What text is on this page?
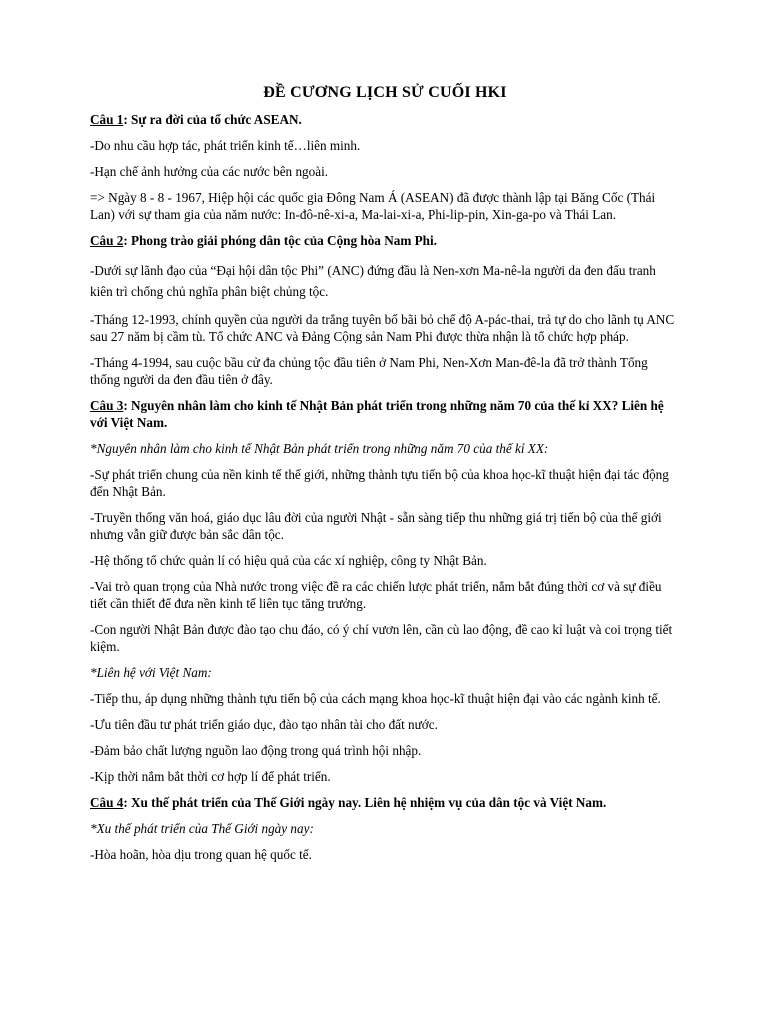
ĐỀ CƯƠNG LỊCH SỬ CUỐI HKI
Câu 1: Sự ra đời của tổ chức ASEAN.
-Do nhu cầu hợp tác, phát triển kinh tế…liên minh.
-Hạn chế ảnh hưởng của các nước bên ngoài.
=> Ngày 8 - 8 - 1967, Hiệp hội các quốc gia Đông Nam Á (ASEAN) đã được thành lập tại Băng Cốc (Thái Lan) với sự tham gia của năm nước: In-đô-nê-xi-a, Ma-lai-xi-a, Phi-lip-pin, Xin-ga-po và Thái Lan.
Câu 2: Phong trào giải phóng dân tộc của Cộng hòa Nam Phi.
-Dưới sự lãnh đạo của “Đại hội dân tộc Phi” (ANC) đứng đầu là Nen-xơn Ma-nê-la người da đen đấu tranh kiên trì chống chủ nghĩa phân biệt chủng tộc.
-Tháng 12-1993, chính quyền của người da trắng tuyên bố bãi bỏ chế độ A-pác-thai, trả tự do cho lãnh tụ ANC sau 27 năm bị cầm tù. Tổ chức ANC và Đảng Cộng sản Nam Phi được thừa nhận là tổ chức hợp pháp.
-Tháng 4-1994, sau cuộc bầu cử đa chủng tộc đầu tiên ở Nam Phi, Nen-Xơn Man-đê-la đã trở thành Tổng thống người da đen đầu tiên ở đây.
Câu 3: Nguyên nhân làm cho kinh tế Nhật Bản phát triển trong những năm 70 của thế kỉ XX? Liên hệ với Việt Nam.
*Nguyên nhân làm cho kinh tế Nhật Bản phát triển trong những năm 70 của thế kỉ XX:
-Sự phát triển chung của nền kinh tế thế giới, những thành tựu tiến bộ của khoa học-kĩ thuật hiện đại tác động đến Nhật Bản.
-Truyền thống văn hoá, giáo dục lâu đời của người Nhật - sẵn sàng tiếp thu những giá trị tiến bộ của thế giới nhưng vẫn giữ được bản sắc dân tộc.
-Hệ thống tổ chức quản lí có hiệu quả của các xí nghiệp, công ty Nhật Bản.
-Vai trò quan trọng của Nhà nước trong việc đề ra các chiến lược phát triển, nắm bắt đúng thời cơ và sự điều tiết cần thiết để đưa nền kinh tế liên tục tăng trưởng.
-Con người Nhật Bản được đào tạo chu đáo, có ý chí vươn lên, cần cù lao động, đề cao kỉ luật và coi trọng tiết kiệm.
*Liên hệ với Việt Nam:
-Tiếp thu, áp dụng những thành tựu tiến bộ của cách mạng khoa học-kĩ thuật hiện đại vào các ngành kinh tế.
-Ưu tiên đầu tư phát triển giáo dục, đào tạo nhân tài cho đất nước.
-Đảm bảo chất lượng nguồn lao động trong quá trình hội nhập.
-Kịp thời nắm bắt thời cơ hợp lí để phát triển.
Câu 4: Xu thế phát triển của Thế Giới ngày nay. Liên hệ nhiệm vụ của dân tộc và Việt Nam.
*Xu thế phát triển của Thế Giới ngày nay:
-Hòa hoãn, hòa dịu trong quan hệ quốc tế.
